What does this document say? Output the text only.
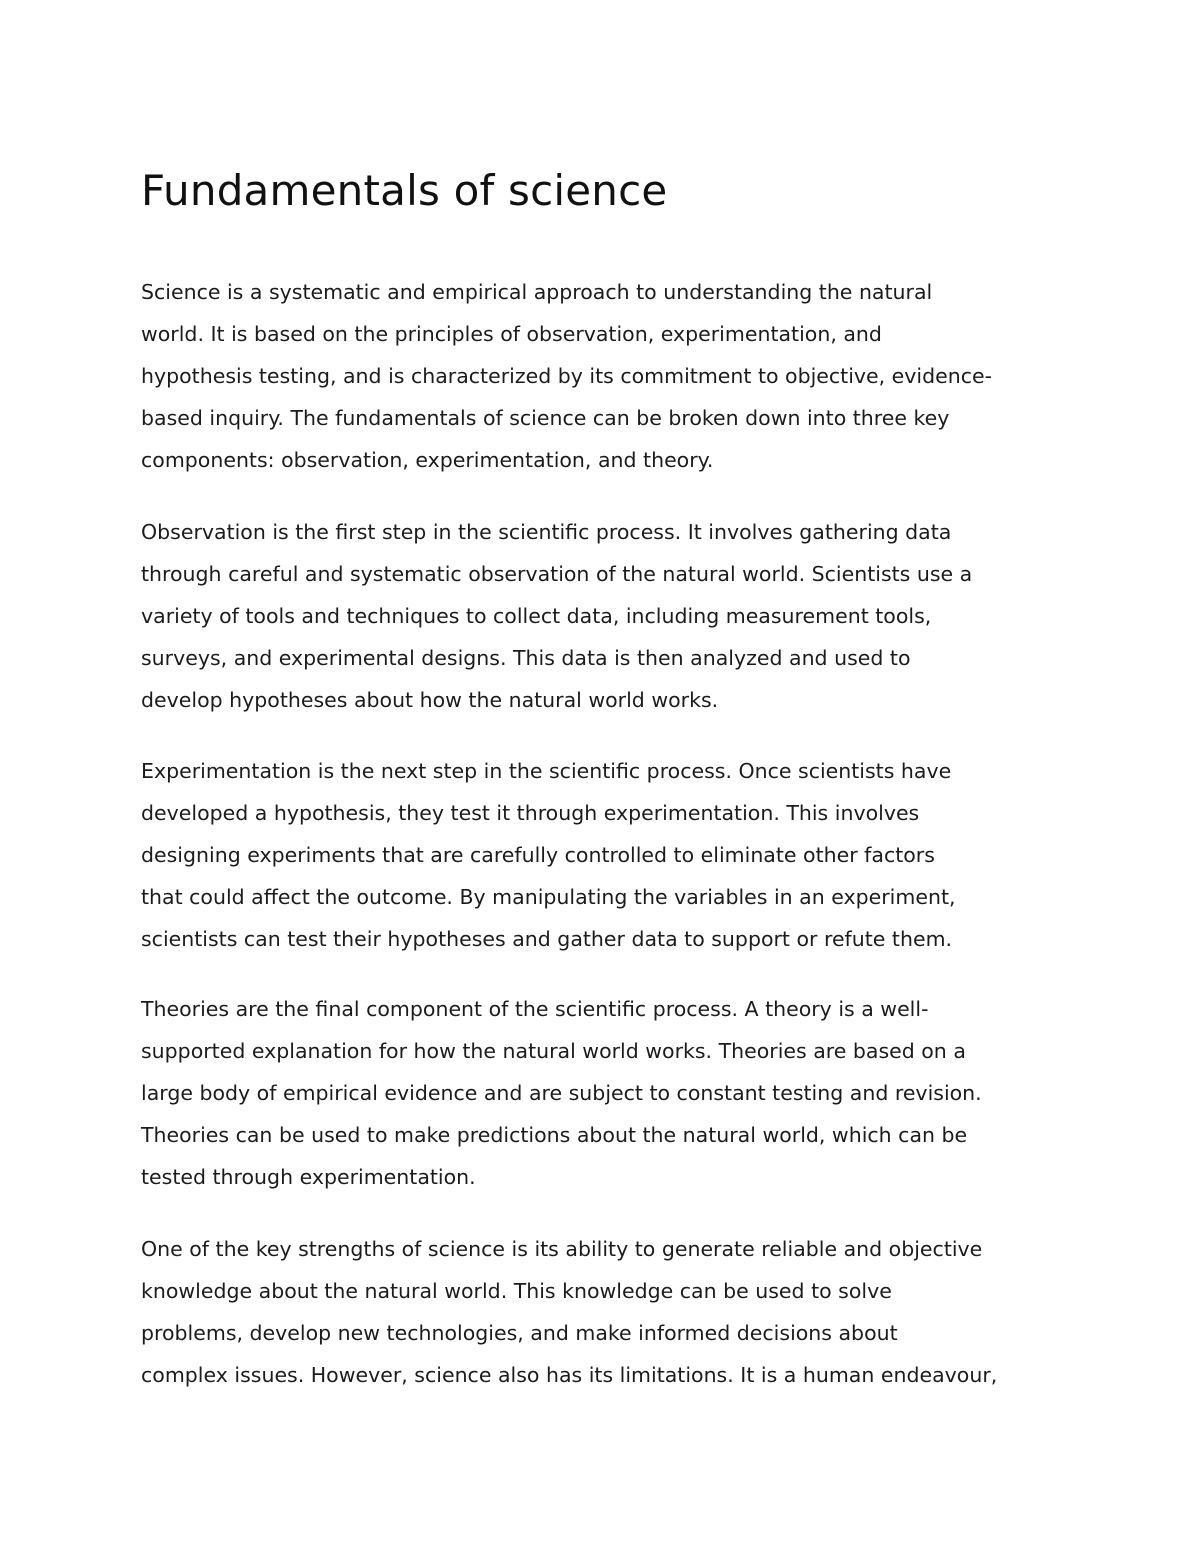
Fundamentals of science

Science is a systematic and empirical approach to understanding the natural
world. It is based on the principles of observation, experimentation, and
hypothesis testing, and is characterized by its commitment to objective, evidence-
based inquiry. The fundamentals of science can be broken down into three key
components: observation, experimentation, and theory.

Observation is the first step in the scientific process. It involves gathering data
through careful and systematic observation of the natural world. Scientists use a
variety of tools and techniques to collect data, including measurement tools,
surveys, and experimental designs. This data is then analyzed and used to
develop hypotheses about how the natural world works.

Experimentation is the next step in the scientific process. Once scientists have
developed a hypothesis, they test it through experimentation. This involves
designing experiments that are carefully controlled to eliminate other factors
that could affect the outcome. By manipulating the variables in an experiment,
scientists can test their hypotheses and gather data to support or refute them.

Theories are the final component of the scientific process. A theory is a well-
supported explanation for how the natural world works. Theories are based on a
large body of empirical evidence and are subject to constant testing and revision.
Theories can be used to make predictions about the natural world, which can be
tested through experimentation.

One of the key strengths of science is its ability to generate reliable and objective
knowledge about the natural world. This knowledge can be used to solve
problems, develop new technologies, and make informed decisions about
complex issues. However, science also has its limitations. It is a human endeavour,
